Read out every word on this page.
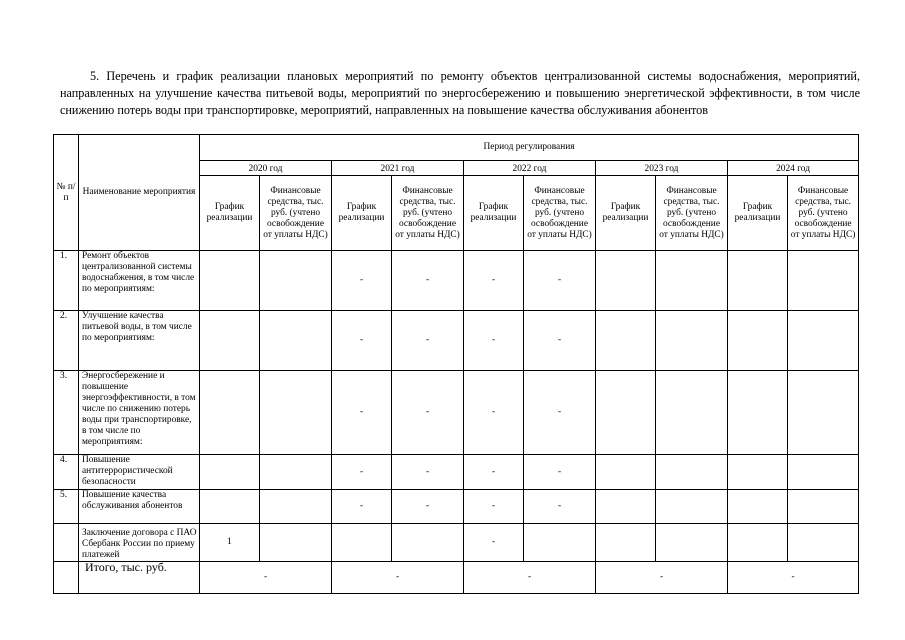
5. Перечень и график реализации плановых мероприятий по ремонту объектов централизованной системы водоснабжения, мероприятий, направленных на улучшение качества питьевой воды, мероприятий по энергосбережению и повышению энергетической эффективности, в том числе снижению потерь воды при транспортировке, мероприятий, направленных на повышение качества обслуживания абонентов

№ п/п	Наименование мероприятия	Период регулирования									
		2020 год		2021 год		2022 год		2023 год		2024 год	
		График реализации	Финансовые средства, тыс. руб. (учтено освобождение от уплаты НДС)	График реализации	Финансовые средства, тыс. руб. (учтено освобождение от уплаты НДС)	График реализации	Финансовые средства, тыс. руб. (учтено освобождение от уплаты НДС)	График реализации	Финансовые средства, тыс. руб. (учтено освобождение от уплаты НДС)	График реализации	Финансовые средства, тыс. руб. (учтено освобождение от уплаты НДС)
1.	Ремонт объектов централизованной системы водоснабжения, в том числе по мероприятиям:			-	-	-	-				
2.	Улучшение качества питьевой воды, в том числе по мероприятиям:			-	-	-	-				
3.	Энергосбережение и повышение энергоэффективности, в том числе по снижению потерь воды при транспортировке, в том числе по мероприятиям:			-	-	-	-				
4.	Повышение антитеррористической безопасности			-	-	-	-				
5.	Повышение качества обслуживания абонентов			-	-	-	-				
	Заключение договора с ПАО Сбербанк России по приему платежей	1				-					
	Итого, тыс. руб.	-		-		-		-		-	
